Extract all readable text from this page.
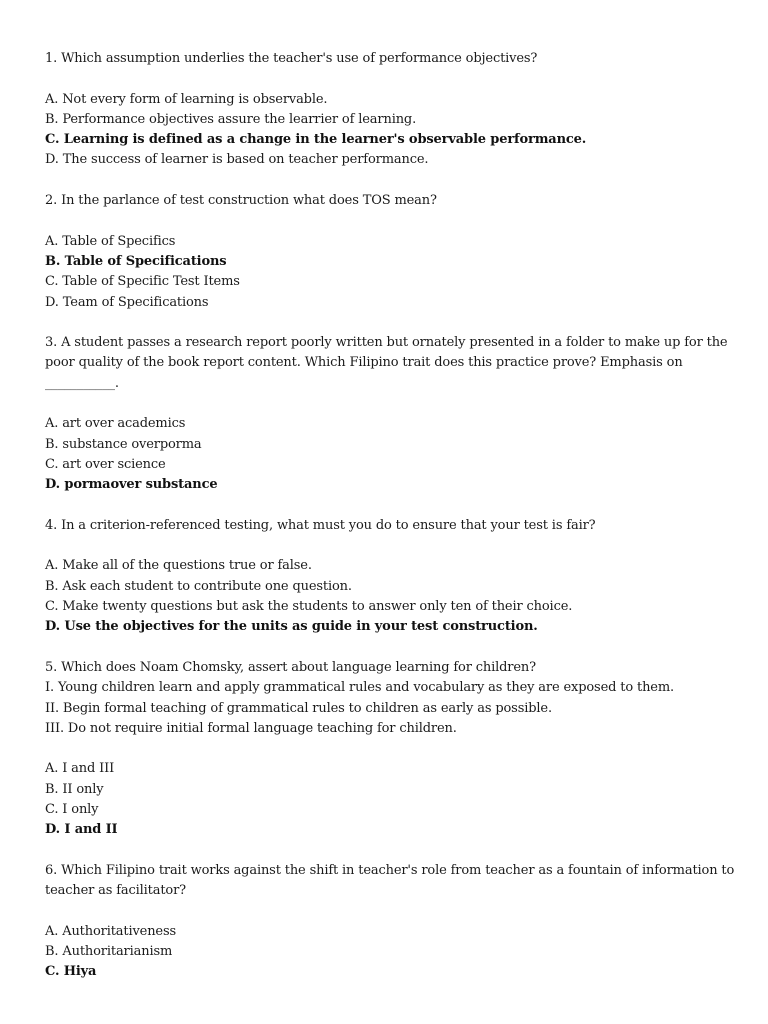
1. Which assumption underlies the teacher's use of performance objectives?
A. Not every form of learning is observable.
B. Performance objectives assure the learrier of learning.
C. Learning is defined as a change in the learner's observable performance.
D. The success of learner is based on teacher performance.
2. In the parlance of test construction what does TOS mean?
A. Table of Specifics
B. Table of Specifications
C. Table of Specific Test Items
D. Team of Specifications
3. A student passes a research report poorly written but ornately presented in a folder to make up for the poor quality of the book report content. Which Filipino trait does this practice prove? Emphasis on ___________.
A. art over academics
B. substance overporma
C. art over science
D. pormaover substance
4. In a criterion-referenced testing, what must you do to ensure that your test is fair?
A. Make all of the questions true or false.
B. Ask each student to contribute one question.
C. Make twenty questions but ask the students to answer only ten of their choice.
D. Use the objectives for the units as guide in your test construction.
5. Which does Noam Chomsky, assert about language learning for children?
I. Young children learn and apply grammatical rules and vocabulary as they are exposed to them.
II. Begin formal teaching of grammatical rules to children as early as possible.
III. Do not require initial formal language teaching for children.
A. I and III
B. II only
C. I only
D. I and II
6. Which Filipino trait works against the shift in teacher's role from teacher as a fountain of information to teacher as facilitator?
A. Authoritativeness
B. Authoritarianism
C. Hiya
